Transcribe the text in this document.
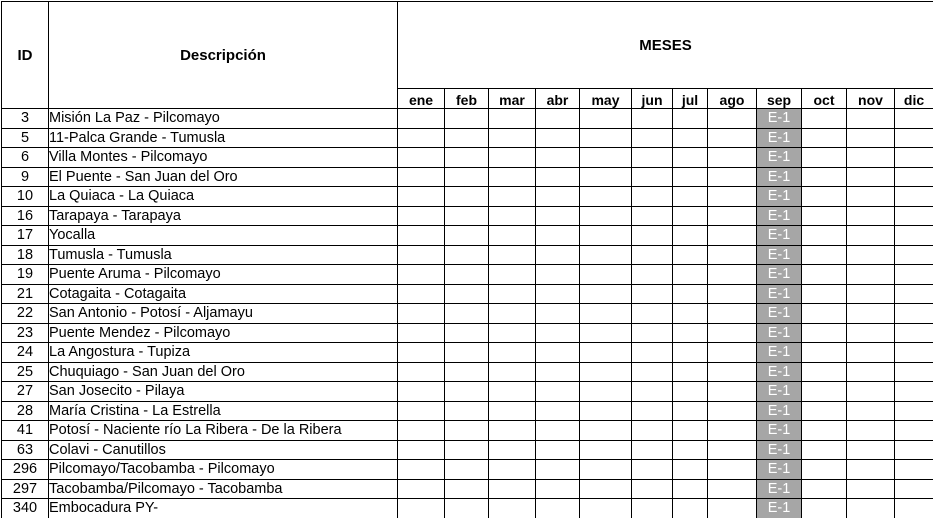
ID	Descripción	MESES											
		ene	feb	mar	abr	may	jun	jul	ago	sep	oct	nov	dic
3	Misión La Paz - Pilcomayo									E-1			
5	11-Palca Grande - Tumusla									E-1			
6	Villa Montes - Pilcomayo									E-1			
9	El Puente - San Juan del Oro									E-1			
10	La Quiaca - La Quiaca									E-1			
16	Tarapaya - Tarapaya									E-1			
17	Yocalla									E-1			
18	Tumusla - Tumusla									E-1			
19	Puente Aruma - Pilcomayo									E-1			
21	Cotagaita - Cotagaita									E-1			
22	San Antonio - Potosí - Aljamayu									E-1			
23	Puente Mendez - Pilcomayo									E-1			
24	La Angostura - Tupiza									E-1			
25	Chuquiago - San Juan del Oro									E-1			
27	San Josecito - Pilaya									E-1			
28	María Cristina - La Estrella									E-1			
41	Potosí - Naciente río La Ribera - De la Ribera									E-1			
63	Colavi - Canutillos									E-1			
296	Pilcomayo/Tacobamba - Pilcomayo									E-1			
297	Tacobamba/Pilcomayo - Tacobamba									E-1			
340	Embocadura PY-									E-1			
